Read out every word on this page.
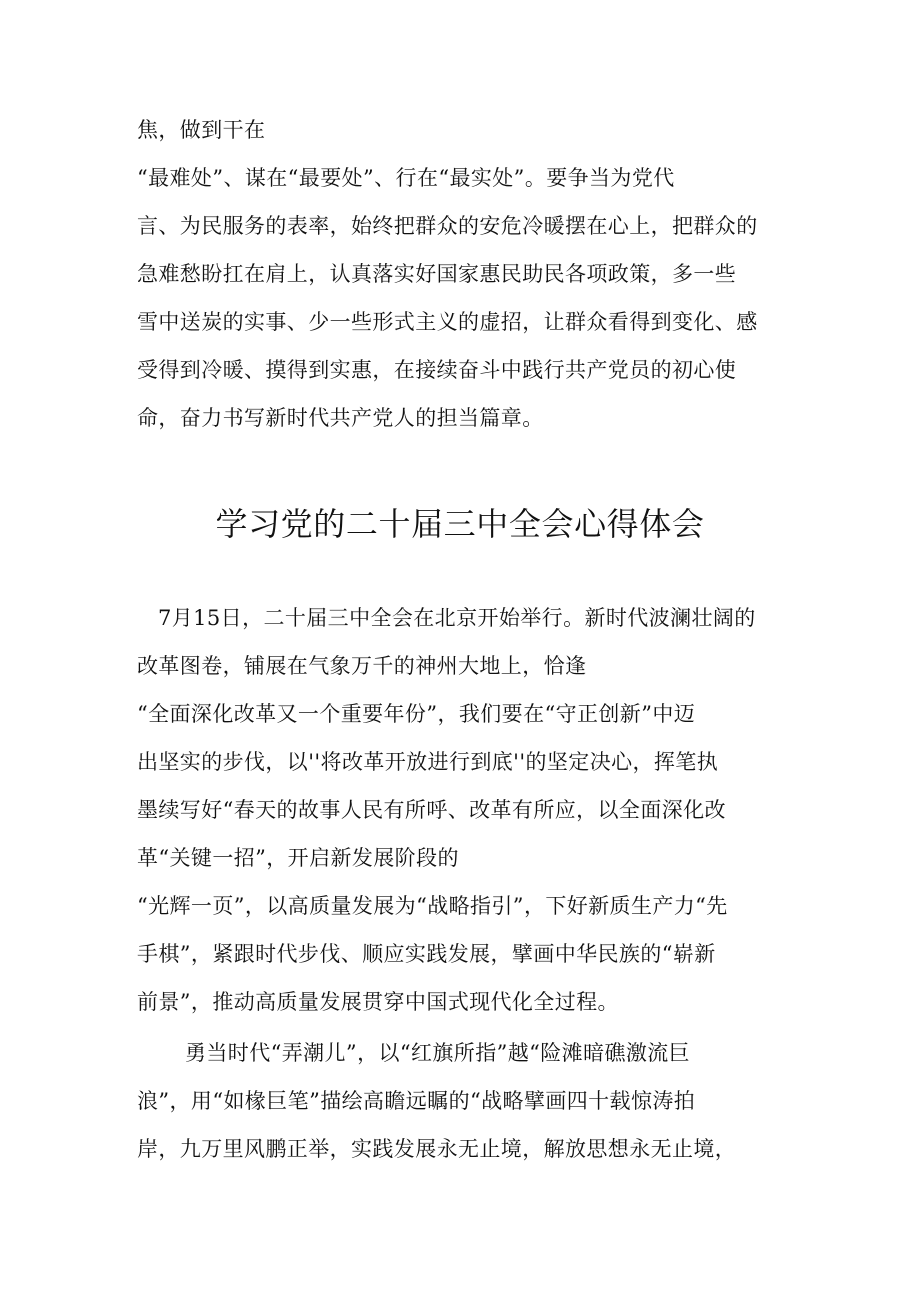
焦，做到干在
“最难处”、谋在“最要处”、行在“最实处”。要争当为党代
言、为民服务的表率，始终把群众的安危冷暖摆在心上，把群众的
急难愁盼扛在肩上，认真落实好国家惠民助民各项政策，多一些
雪中送炭的实事、少一些形式主义的虚招，让群众看得到变化、感
受得到冷暖、摸得到实惠，在接续奋斗中践行共产党员的初心使
命，奋力书写新时代共产党人的担当篇章。
学习党的二十届三中全会心得体会
7月15日，二十届三中全会在北京开始举行。新时代波澜壮阔的
改革图卷，铺展在气象万千的神州大地上，恰逢
“全面深化改革又一个重要年份”，我们要在“守正创新”中迈
出坚实的步伐，以''将改革开放进行到底''的坚定决心，挥笔执
墨续写好“春天的故事人民有所呼、改革有所应，以全面深化改
革“关键一招”，开启新发展阶段的
“光辉一页”，以高质量发展为“战略指引”，下好新质生产力“先
手棋”，紧跟时代步伐、顺应实践发展，擘画中华民族的“崭新
前景”，推动高质量发展贯穿中国式现代化全过程。
勇当时代“弄潮儿”，以“红旗所指”越“险滩暗礁激流巨
浪”，用“如椽巨笔”描绘高瞻远瞩的“战略擘画四十载惊涛拍
岸，九万里风鹏正举，实践发展永无止境，解放思想永无止境，
